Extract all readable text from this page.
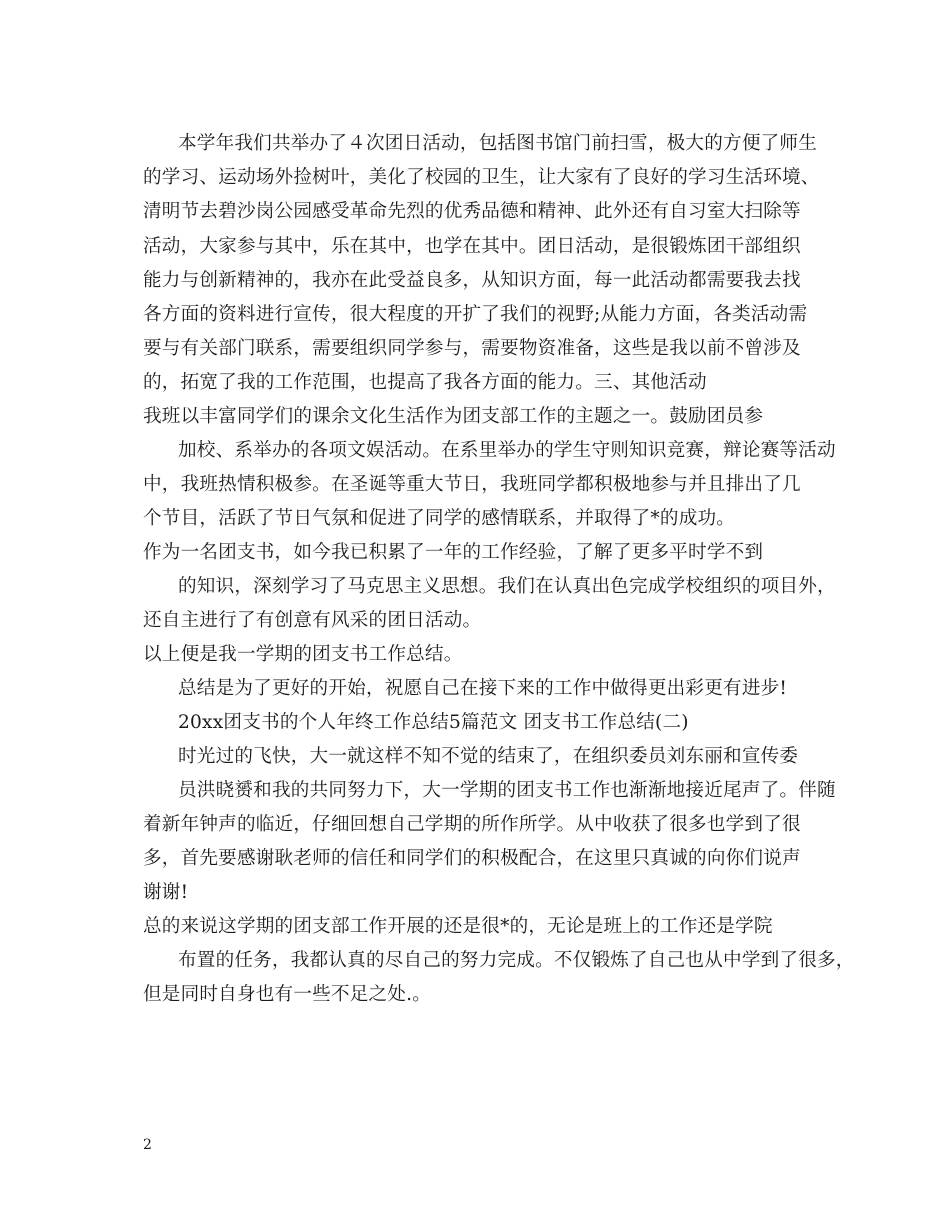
本学年我们共举办了４次团日活动，包括图书馆门前扫雪，极大的方便了师生
的学习、运动场外捡树叶，美化了校园的卫生，让大家有了良好的学习生活环境、
清明节去碧沙岗公园感受革命先烈的优秀品德和精神、此外还有自习室大扫除等
活动，大家参与其中，乐在其中，也学在其中。团日活动，是很锻炼团干部组织
能力与创新精神的，我亦在此受益良多，从知识方面，每一此活动都需要我去找
各方面的资料进行宣传，很大程度的开扩了我们的视野;从能力方面，各类活动需
要与有关部门联系，需要组织同学参与，需要物资准备，这些是我以前不曾涉及
的，拓宽了我的工作范围，也提高了我各方面的能力。三、其他活动
我班以丰富同学们的课余文化生活作为团支部工作的主题之一。鼓励团员参
加校、系举办的各项文娱活动。在系里举办的学生守则知识竞赛，辩论赛等活动
中，我班热情积极参。在圣诞等重大节日，我班同学都积极地参与并且排出了几
个节目，活跃了节日气氛和促进了同学的感情联系，并取得了*的成功。
作为一名团支书，如今我已积累了一年的工作经验，了解了更多平时学不到
的知识，深刻学习了马克思主义思想。我们在认真出色完成学校组织的项目外，
还自主进行了有创意有风采的团日活动。
以上便是我一学期的团支书工作总结。
总结是为了更好的开始，祝愿自己在接下来的工作中做得更出彩更有进步!
20xx团支书的个人年终工作总结5篇范文 团支书工作总结(二)
时光过的飞快，大一就这样不知不觉的结束了，在组织委员刘东丽和宣传委
员洪晓赟和我的共同努力下，大一学期的团支书工作也渐渐地接近尾声了。伴随
着新年钟声的临近，仔细回想自己学期的所作所学。从中收获了很多也学到了很
多，首先要感谢耿老师的信任和同学们的积极配合，在这里只真诚的向你们说声
谢谢!
总的来说这学期的团支部工作开展的还是很*的，无论是班上的工作还是学院
布置的任务，我都认真的尽自己的努力完成。不仅锻炼了自己也从中学到了很多，
但是同时自身也有一些不足之处.。
2
